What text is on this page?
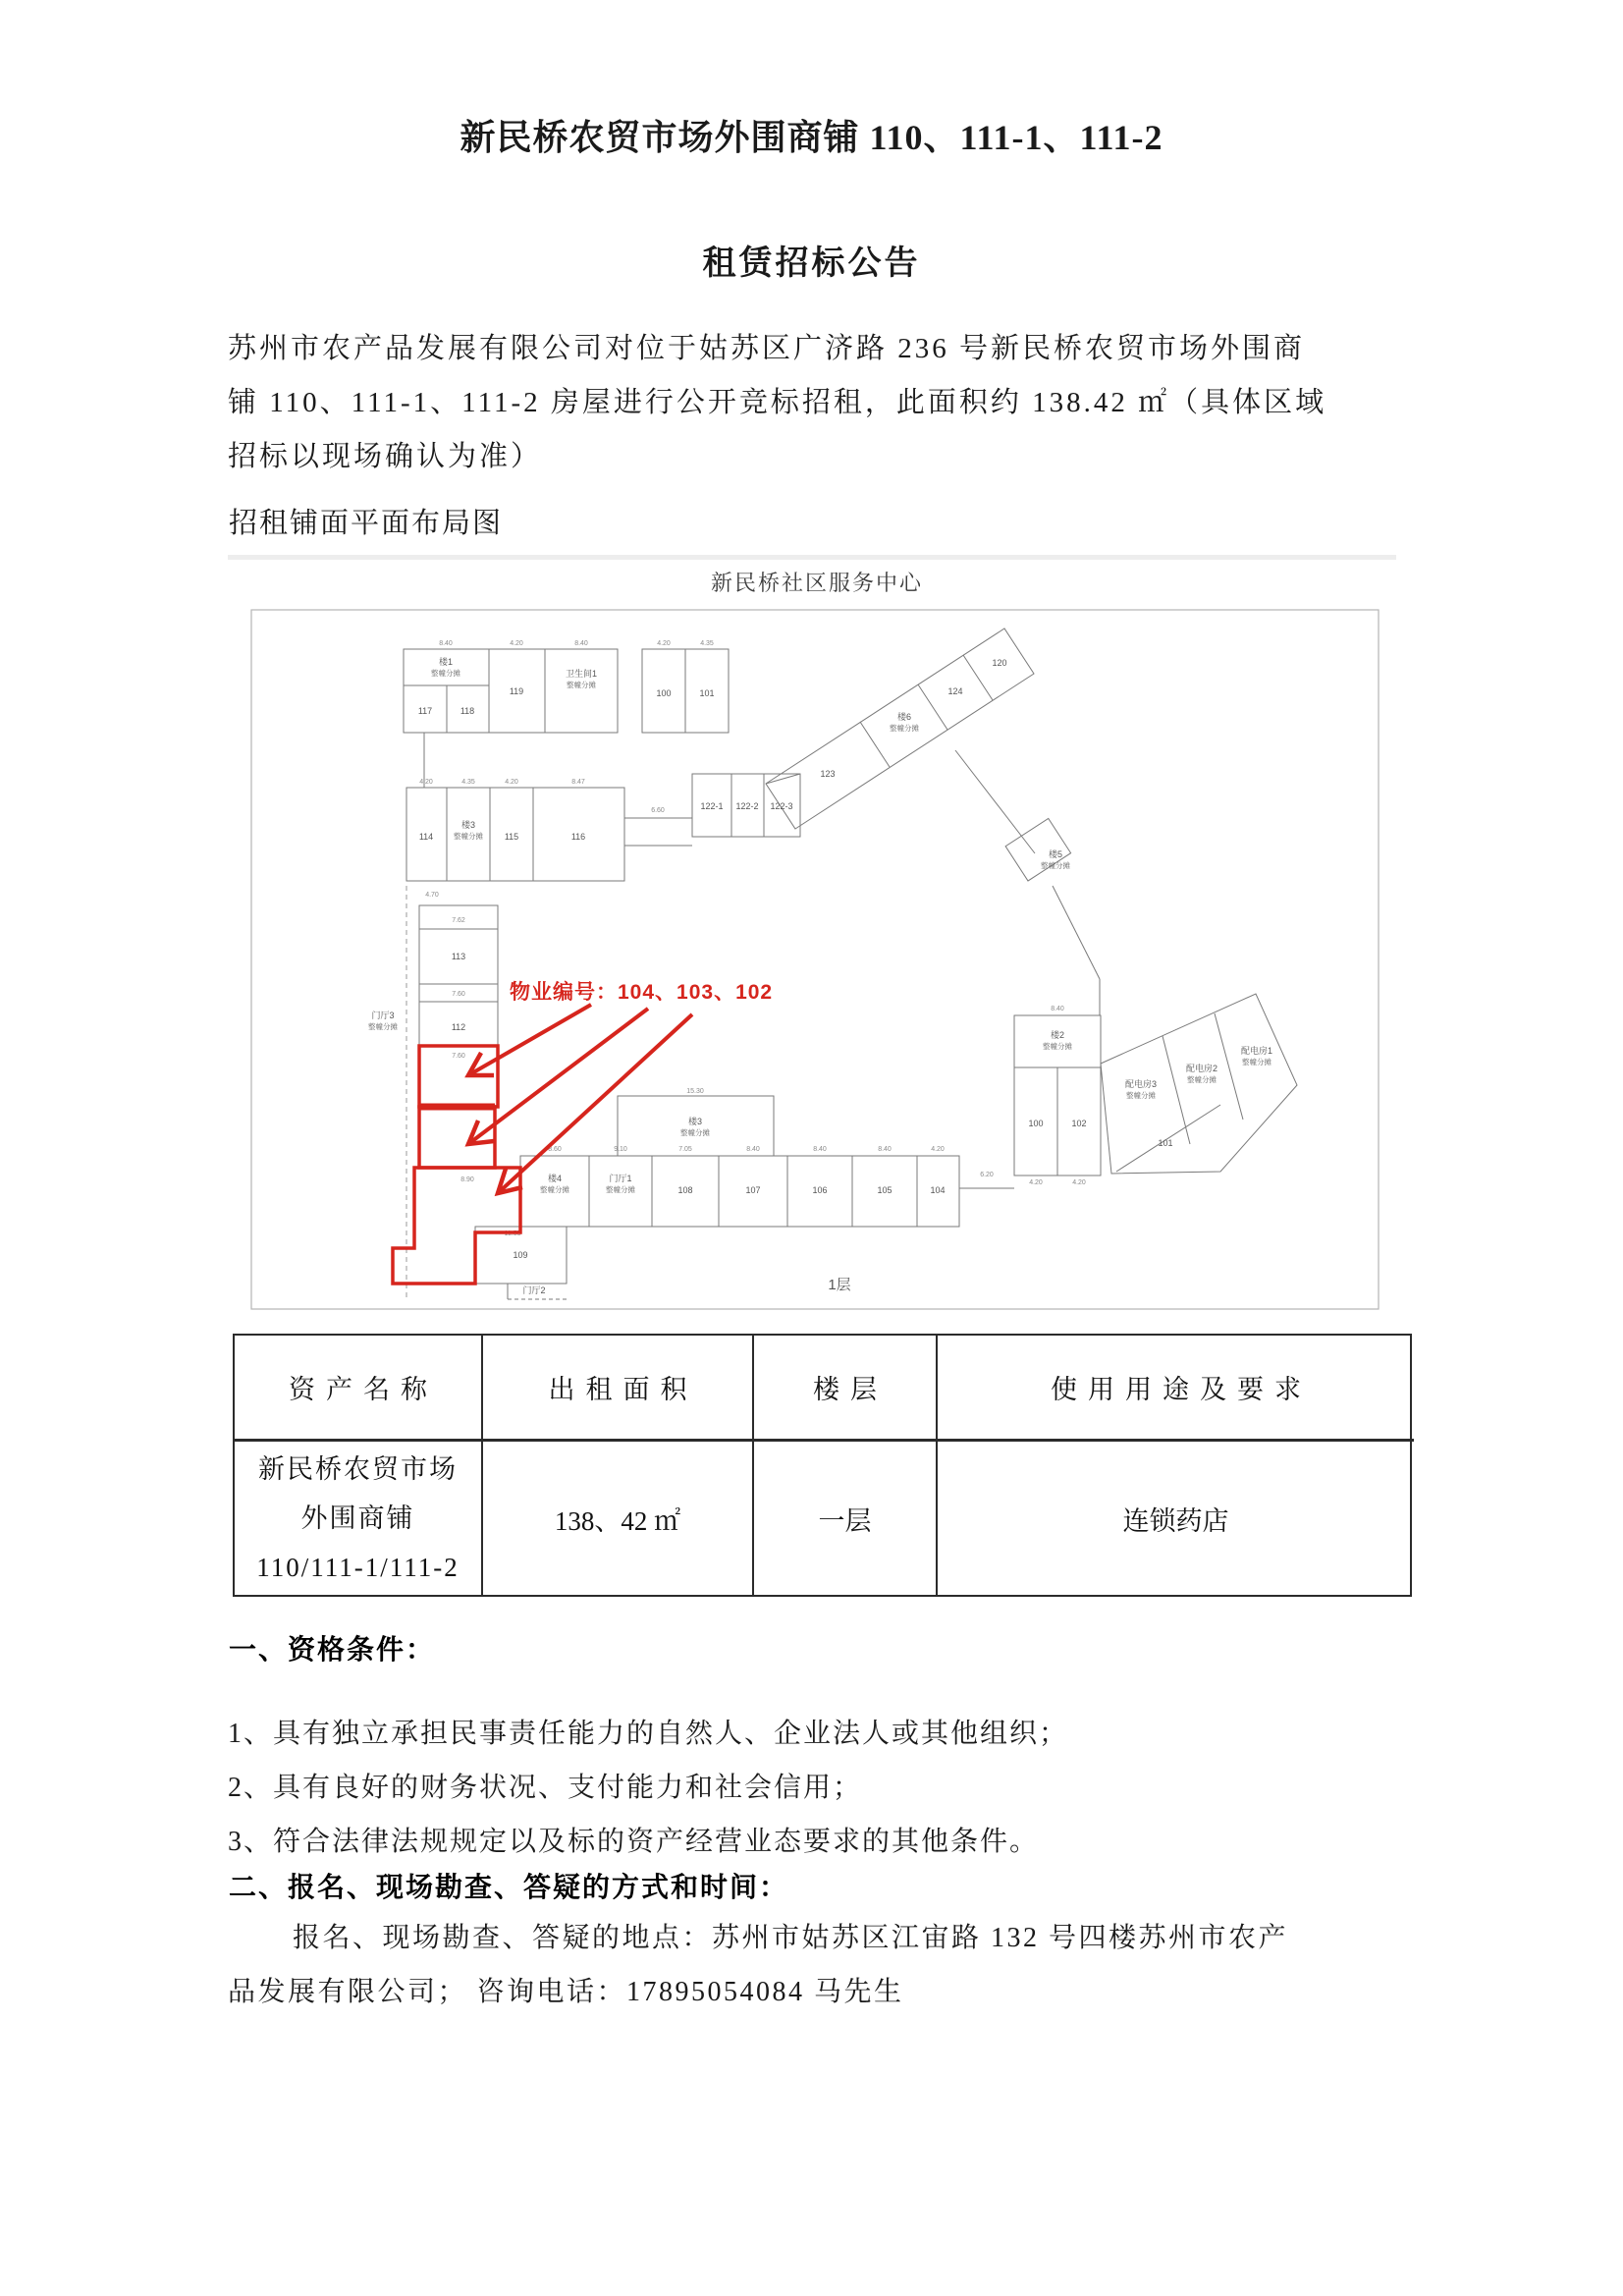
新民桥农贸市场外围商铺 110、111-1、111-2
租赁招标公告
苏州市农产品发展有限公司对位于姑苏区广济路 236 号新民桥农贸市场外围商
铺 110、111-1、111-2 房屋进行公开竞标招租，此面积约 138.42 ㎡（具体区域
招标以现场确认为准）
招租铺面平面布局图
新民桥社区服务中心
楼1
整幢分摊
117	118
119
卫生间1
整幢分摊
100	101
114
楼3
整幢分摊 115	116
122-1 122-2 122-3
123
楼6
整幢分摊
124
120
楼5
整幢分摊
113
112
门厅3
整幢分摊
楼4
整幢分摊
门厅1
整幢分摊	108	107	106	105	104
楼3
整幢分摊
楼2
整幢分摊
100	102
配电房3
整幢分摊
配电房2
整幢分摊
101
配电房1
整幢分摊
109
门厅2
8.40	4.20	8.40	4.20	4.35
4.20	4.35	4.20	8.47
6.60
7.62
4.70
7.60
7.60
8.60	9.10	7.05	8.40	8.40	8.40	4.20
15.30
6.20
8.40
4.20	4.20
11.55
8.90
1层
物业编号：104、103、102
资产名称	出租面积	楼层	使用用途及要求
新民桥农贸市场
外围商铺
110/111-1/111-2
138、42 ㎡	一层	连锁药店
一、资格条件：
1、具有独立承担民事责任能力的自然人、企业法人或其他组织；
2、具有良好的财务状况、支付能力和社会信用；
3、符合法律法规规定以及标的资产经营业态要求的其他条件。
二、报名、现场勘查、答疑的方式和时间：
报名、现场勘查、答疑的地点：苏州市姑苏区江宙路 132 号四楼苏州市农产
品发展有限公司； 咨询电话：17895054084 马先生
